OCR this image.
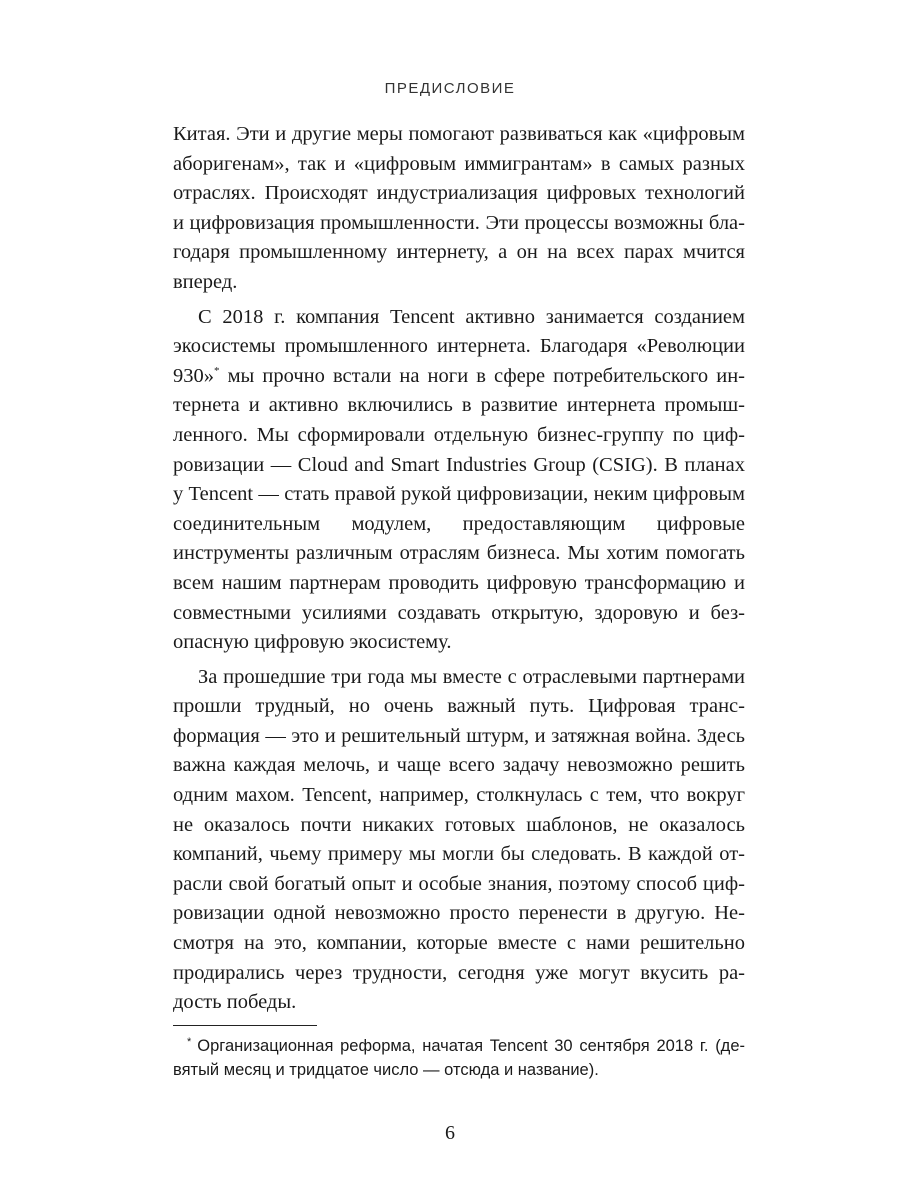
ПРЕДИСЛОВИЕ

Китая. Эти и другие меры помогают развиваться как «цифровым аборигенам», так и «цифровым иммигрантам» в самых разных отраслях. Происходят индустриализация цифровых технологий и цифровизация промышленности. Эти процессы возможны благодаря промышленному интернету, а он на всех парах мчится вперед.

С 2018 г. компания Tencent активно занимается созданием экосистемы промышленного интернета. Благодаря «Революции 930»* мы прочно встали на ноги в сфере потребительского интернета и активно включились в развитие интернета промышленного. Мы сформировали отдельную бизнес-группу по цифровизации — Cloud and Smart Industries Group (CSIG). В планах у Tencent — стать правой рукой цифровизации, неким цифровым соединительным модулем, предоставляющим цифровые инструменты различным отраслям бизнеса. Мы хотим помогать всем нашим партнерам проводить цифровую трансформацию и совместными усилиями создавать открытую, здоровую и безопасную цифровую экосистему.

За прошедшие три года мы вместе с отраслевыми партнерами прошли трудный, но очень важный путь. Цифровая трансформация — это и решительный штурм, и затяжная война. Здесь важна каждая мелочь, и чаще всего задачу невозможно решить одним махом. Tencent, например, столкнулась с тем, что вокруг не оказалось почти никаких готовых шаблонов, не оказалось компаний, чьему примеру мы могли бы следовать. В каждой отрасли свой богатый опыт и особые знания, поэтому способ цифровизации одной невозможно просто перенести в другую. Несмотря на это, компании, которые вместе с нами решительно продирались через трудности, сегодня уже могут вкусить радость победы.

* Организационная реформа, начатая Tencent 30 сентября 2018 г. (девятый месяц и тридцатое число — отсюда и название).

6
